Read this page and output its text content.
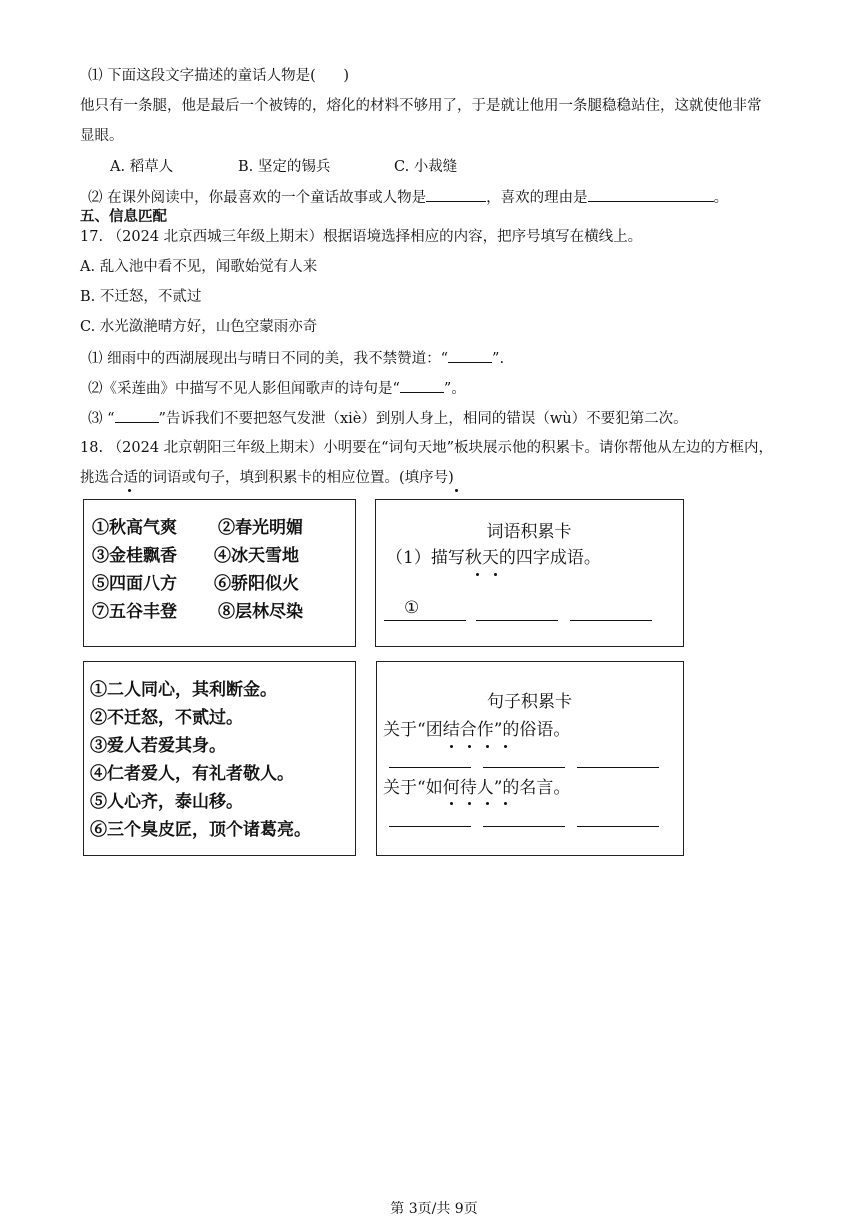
⑴ 下面这段文字描述的童话人物是( )
他只有一条腿，他是最后一个被铸的，熔化的材料不够用了，于是就让他用一条腿稳稳站住，这就使他非常
显眼。
A. 稻草人	B. 坚定的锡兵	C. 小裁缝
⑵ 在课外阅读中，你最喜欢的一个童话故事或人物是	，喜欢的理由是	。
五、信息匹配
17. （2024 北京西城三年级上期末）根据语境选择相应的内容，把序号填写在横线上。
A. 乱入池中看不见，闻歌始觉有人来
B. 不迁怒，不贰过
C. 水光潋滟晴方好，山色空蒙雨亦奇
⑴ 细雨中的西湖展现出与晴日不同的美，我不禁赞道：“	”.
⑵《采莲曲》中描写不见人影但闻歌声的诗句是“	”。
⑶ “	”告诉我们不要把怒气发泄（xiè）到别人身上，相同的错误（wù）不要犯第二次。
18. （2024 北京朝阳三年级上期末）小明要在“词句天地”板块展示他的积累卡。请你帮他从左边的方框内，
挑选合适的词语或句子，填到积累卡的相应位置。(填序号)
①秋高气爽 ②春光明媚
③金桂飘香 ④冰天雪地
⑤四面八方 ⑥骄阳似火
⑦五谷丰登 ⑧层林尽染
词语积累卡
（1）描写秋天的四字成语。
①
①二人同心，其利断金。
②不迁怒，不贰过。
③爱人若爱其身。
④仁者爱人，有礼者敬人。
⑤人心齐，泰山移。
⑥三个臭皮匠，顶个诸葛亮。
句子积累卡
关于“团结合作”的俗语。
关于“如何待人”的名言。
第 3页/共 9页
